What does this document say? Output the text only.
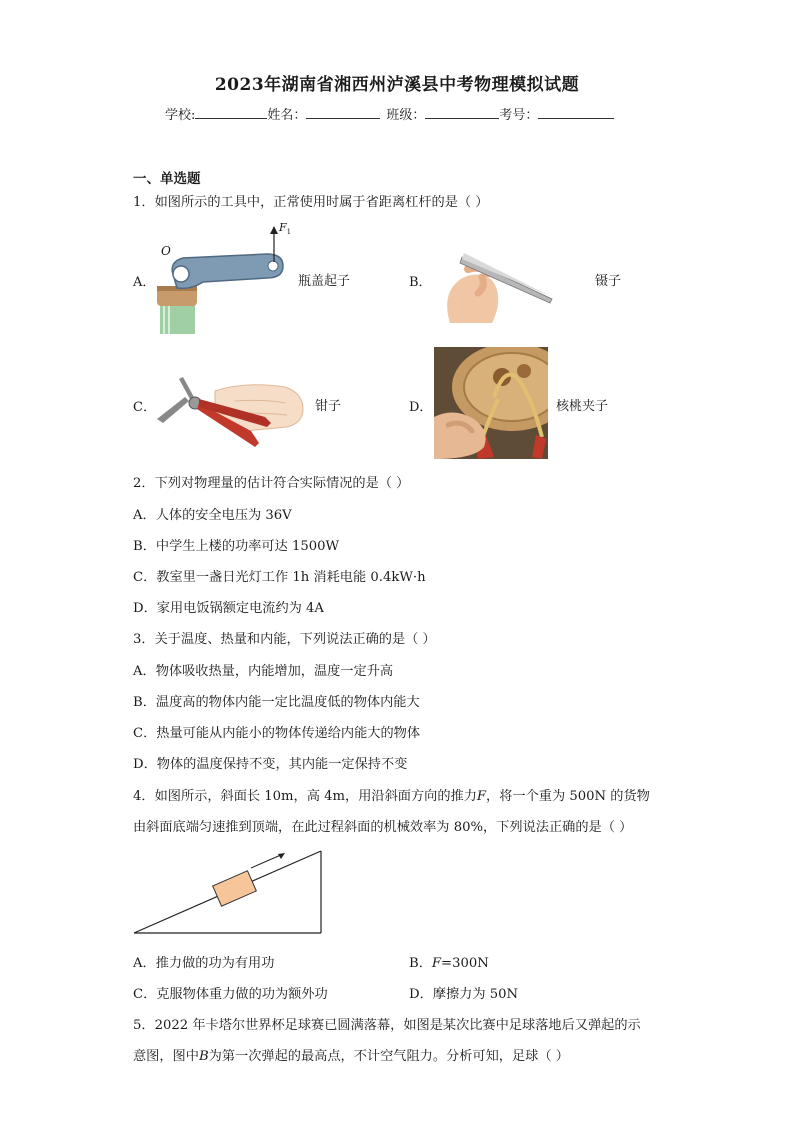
2023年湖南省湘西州泸溪县中考物理模拟试题
学校:	姓名：	班级：	考号：
一、单选题
1．如图所示的工具中，正常使用时属于省距离杠杆的是（ ）
A．
O
$F_1$
瓶盖起子	B．	镊子
C．	钳子	D．	核桃夹子
2．下列对物理量的估计符合实际情况的是（ ）
A．人体的安全电压为 36V
B．中学生上楼的功率可达 1500W
C．教室里一盏日光灯工作 1h 消耗电能 0.4kW·h
D．家用电饭锅额定电流约为 4A
3．关于温度、热量和内能，下列说法正确的是（ ）
A．物体吸收热量，内能增加，温度一定升高
B．温度高的物体内能一定比温度低的物体内能大
C．热量可能从内能小的物体传递给内能大的物体
D．物体的温度保持不变，其内能一定保持不变
4．如图所示，斜面长 10m，高 4m，用沿斜面方向的推力F，将一个重为 500N 的货物
由斜面底端匀速推到顶端，在此过程斜面的机械效率为 80%，下列说法正确的是（ ）
A．推力做的功为有用功	B．F=300N
C．克服物体重力做的功为额外功	D．摩擦力为 50N
5．2022 年卡塔尔世界杯足球赛已圆满落幕，如图是某次比赛中足球落地后又弹起的示
意图，图中B为第一次弹起的最高点，不计空气阻力。分析可知，足球（ ）
